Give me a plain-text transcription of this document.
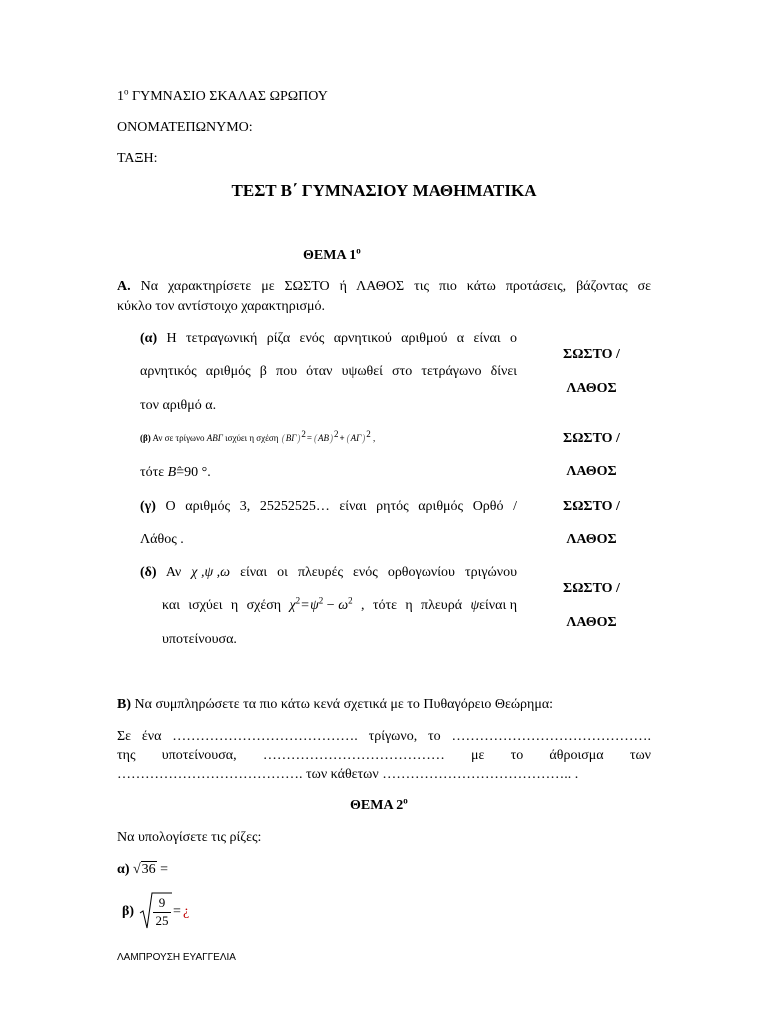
$1^o$ ΓΥΜΝΑΣΙΟ ΣΚΑΛΑΣ ΩΡΩΠΟΥ
ΟΝΟΜΑΤΕΠΩΝΥΜΟ:
ΤΑΞΗ:
ΤΕΣΤ Β΄ ΓΥΜΝΑΣΙΟΥ ΜΑΘΗΜΑΤΙΚΑ
ΘΕΜΑ $1^o$
Α. Να χαρακτηρίσετε με ΣΩΣΤΟ ή ΛΑΘΟΣ τις πιο κάτω προτάσεις, βάζοντας σε
κύκλο τον αντίστοιχο χαρακτηρισμό.
(α) Η τετραγωνική ρίζα ενός αρνητικού αριθμού α είναι ο
αρνητικός αριθμός β που όταν υψωθεί στο τετράγωνο δίνει
τον αριθμό α.
ΣΩΣΤΟ /
ΛΑΘΟΣ
(β) Αν σε τρίγωνο ΑΒΓ ισχύει η σχέση (ΒΓ)2= (ΑΒ)2+ (ΑΓ)2 ,
τότε Β̂=90 °.
ΣΩΣΤΟ /
ΛΑΘΟΣ
(γ) Ο αριθμός 3, 25252525… είναι ρητός αριθμός Ορθό /
Λάθος .
ΣΩΣΤΟ /
ΛΑΘΟΣ
(δ) Αν χ ,ψ ,ω είναι οι πλευρές ενός ορθογωνίου τριγώνου
και ισχύει η σχέση $\chi^2=\psi^2 - \omega^2$ , τότε η πλευρά ψείναι η
υποτείνουσα.
ΣΩΣΤΟ /
ΛΑΘΟΣ
Β) Να συμπληρώσετε τα πιο κάτω κενά σχετικά με το Πυθαγόρειο Θεώρημα:
Σε ένα …………………………………. τρίγωνο, το …………………………………….
της υποτείνουσα, ………………………………… με το άθροισμα των
…………………………………. των κάθετων ………………………………….. .
ΘΕΜΑ $2^o$
Να υπολογίσετε τις ρίζες:
α) √36 =
β)
9
25
= ¿
ΛΑΜΠΡΟΥΣΗ ΕΥΑΓΓΕΛΙΑ
